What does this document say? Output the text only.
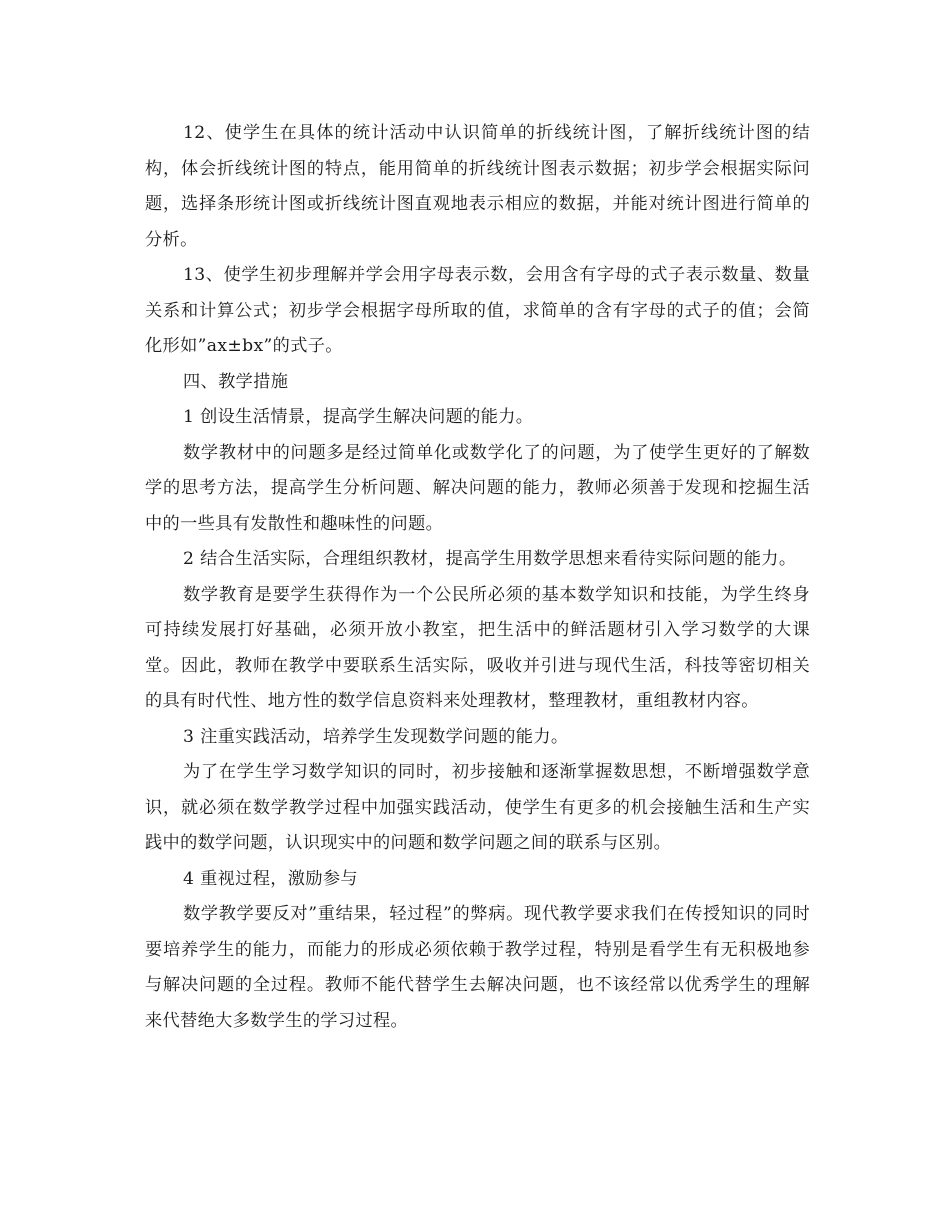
12、使学生在具体的统计活动中认识简单的折线统计图，了解折线统计图的结构，体会折线统计图的特点，能用简单的折线统计图表示数据；初步学会根据实际问题，选择条形统计图或折线统计图直观地表示相应的数据，并能对统计图进行简单的分析。

13、使学生初步理解并学会用字母表示数，会用含有字母的式子表示数量、数量关系和计算公式；初步学会根据字母所取的值，求简单的含有字母的式子的值；会简化形如”ax±bx”的式子。

四、教学措施

1 创设生活情景，提高学生解决问题的能力。

数学教材中的问题多是经过简单化或数学化了的问题，为了使学生更好的了解数学的思考方法，提高学生分析问题、解决问题的能力，教师必须善于发现和挖掘生活中的一些具有发散性和趣味性的问题。

2 结合生活实际，合理组织教材，提高学生用数学思想来看待实际问题的能力。

数学教育是要学生获得作为一个公民所必须的基本数学知识和技能，为学生终身可持续发展打好基础，必须开放小教室，把生活中的鲜活题材引入学习数学的大课堂。因此，教师在教学中要联系生活实际，吸收并引进与现代生活，科技等密切相关的具有时代性、地方性的数学信息资料来处理教材，整理教材，重组教材内容。

3 注重实践活动，培养学生发现数学问题的能力。

为了在学生学习数学知识的同时，初步接触和逐渐掌握数思想，不断增强数学意识，就必须在数学教学过程中加强实践活动，使学生有更多的机会接触生活和生产实践中的数学问题，认识现实中的问题和数学问题之间的联系与区别。

4 重视过程，激励参与

数学教学要反对”重结果，轻过程”的弊病。现代教学要求我们在传授知识的同时要培养学生的能力，而能力的形成必须依赖于教学过程，特别是看学生有无积极地参与解决问题的全过程。教师不能代替学生去解决问题，也不该经常以优秀学生的理解来代替绝大多数学生的学习过程。
